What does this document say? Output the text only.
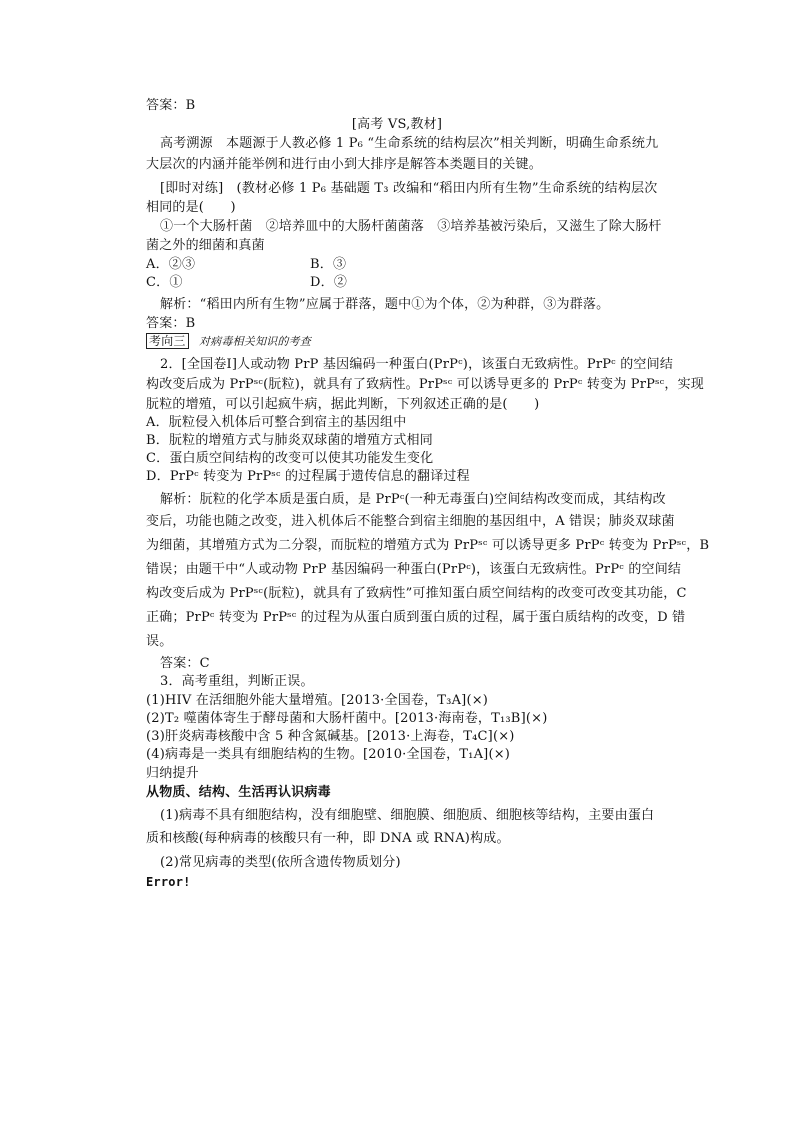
答案：B
[高考 VS,教材]
高考溯源　本题源于人教必修 1 P₆ “生命系统的结构层次”相关判断，明确生命系统九
大层次的内涵并能举例和进行由小到大排序是解答本类题目的关键。
[即时对练]　(教材必修 1 P₆ 基础题 T₃ 改编和“稻田内所有生物”生命系统的结构层次
相同的是(　　)
①一个大肠杆菌　②培养皿中的大肠杆菌菌落　③培养基被污染后，又滋生了除大肠杆
菌之外的细菌和真菌
A．②③	B．③
C．①	D．②
解析：“稻田内所有生物”应属于群落，题中①为个体，②为种群，③为群落。
答案：B
考向三 对病毒相关知识的考查
2．[全国卷Ⅰ]人或动物 PrP 基因编码一种蛋白(PrPᶜ)，该蛋白无致病性。PrPᶜ 的空间结
构改变后成为 PrPˢᶜ(朊粒)，就具有了致病性。PrPˢᶜ 可以诱导更多的 PrPᶜ 转变为 PrPˢᶜ，实现
朊粒的增殖，可以引起疯牛病，据此判断，下列叙述正确的是(　　)
A．朊粒侵入机体后可整合到宿主的基因组中
B．朊粒的增殖方式与肺炎双球菌的增殖方式相同
C．蛋白质空间结构的改变可以使其功能发生变化
D．PrPᶜ 转变为 PrPˢᶜ 的过程属于遗传信息的翻译过程
解析：朊粒的化学本质是蛋白质，是 PrPᶜ(一种无毒蛋白)空间结构改变而成，其结构改
变后，功能也随之改变，进入机体后不能整合到宿主细胞的基因组中，A 错误；肺炎双球菌
为细菌，其增殖方式为二分裂，而朊粒的增殖方式为 PrPˢᶜ 可以诱导更多 PrPᶜ 转变为 PrPˢᶜ，B
错误；由题干中“人或动物 PrP 基因编码一种蛋白(PrPᶜ)，该蛋白无致病性。PrPᶜ 的空间结
构改变后成为 PrPˢᶜ(朊粒)，就具有了致病性”可推知蛋白质空间结构的改变可改变其功能，C
正确；PrPᶜ 转变为 PrPˢᶜ 的过程为从蛋白质到蛋白质的过程，属于蛋白质结构的改变，D 错
误。
答案：C
3．高考重组，判断正误。
(1)HIV 在活细胞外能大量增殖。[2013·全国卷，T₃A](×)
(2)T₂ 噬菌体寄生于酵母菌和大肠杆菌中。[2013·海南卷，T₁₃B](×)
(3)肝炎病毒核酸中含 5 种含氮碱基。[2013·上海卷，T₄C](×)
(4)病毒是一类具有细胞结构的生物。[2010·全国卷，T₁A](×)
归纳提升
从物质、结构、生活再认识病毒
(1)病毒不具有细胞结构，没有细胞壁、细胞膜、细胞质、细胞核等结构，主要由蛋白
质和核酸(每种病毒的核酸只有一种，即 DNA 或 RNA)构成。
(2)常见病毒的类型(依所含遗传物质划分)
Error!
